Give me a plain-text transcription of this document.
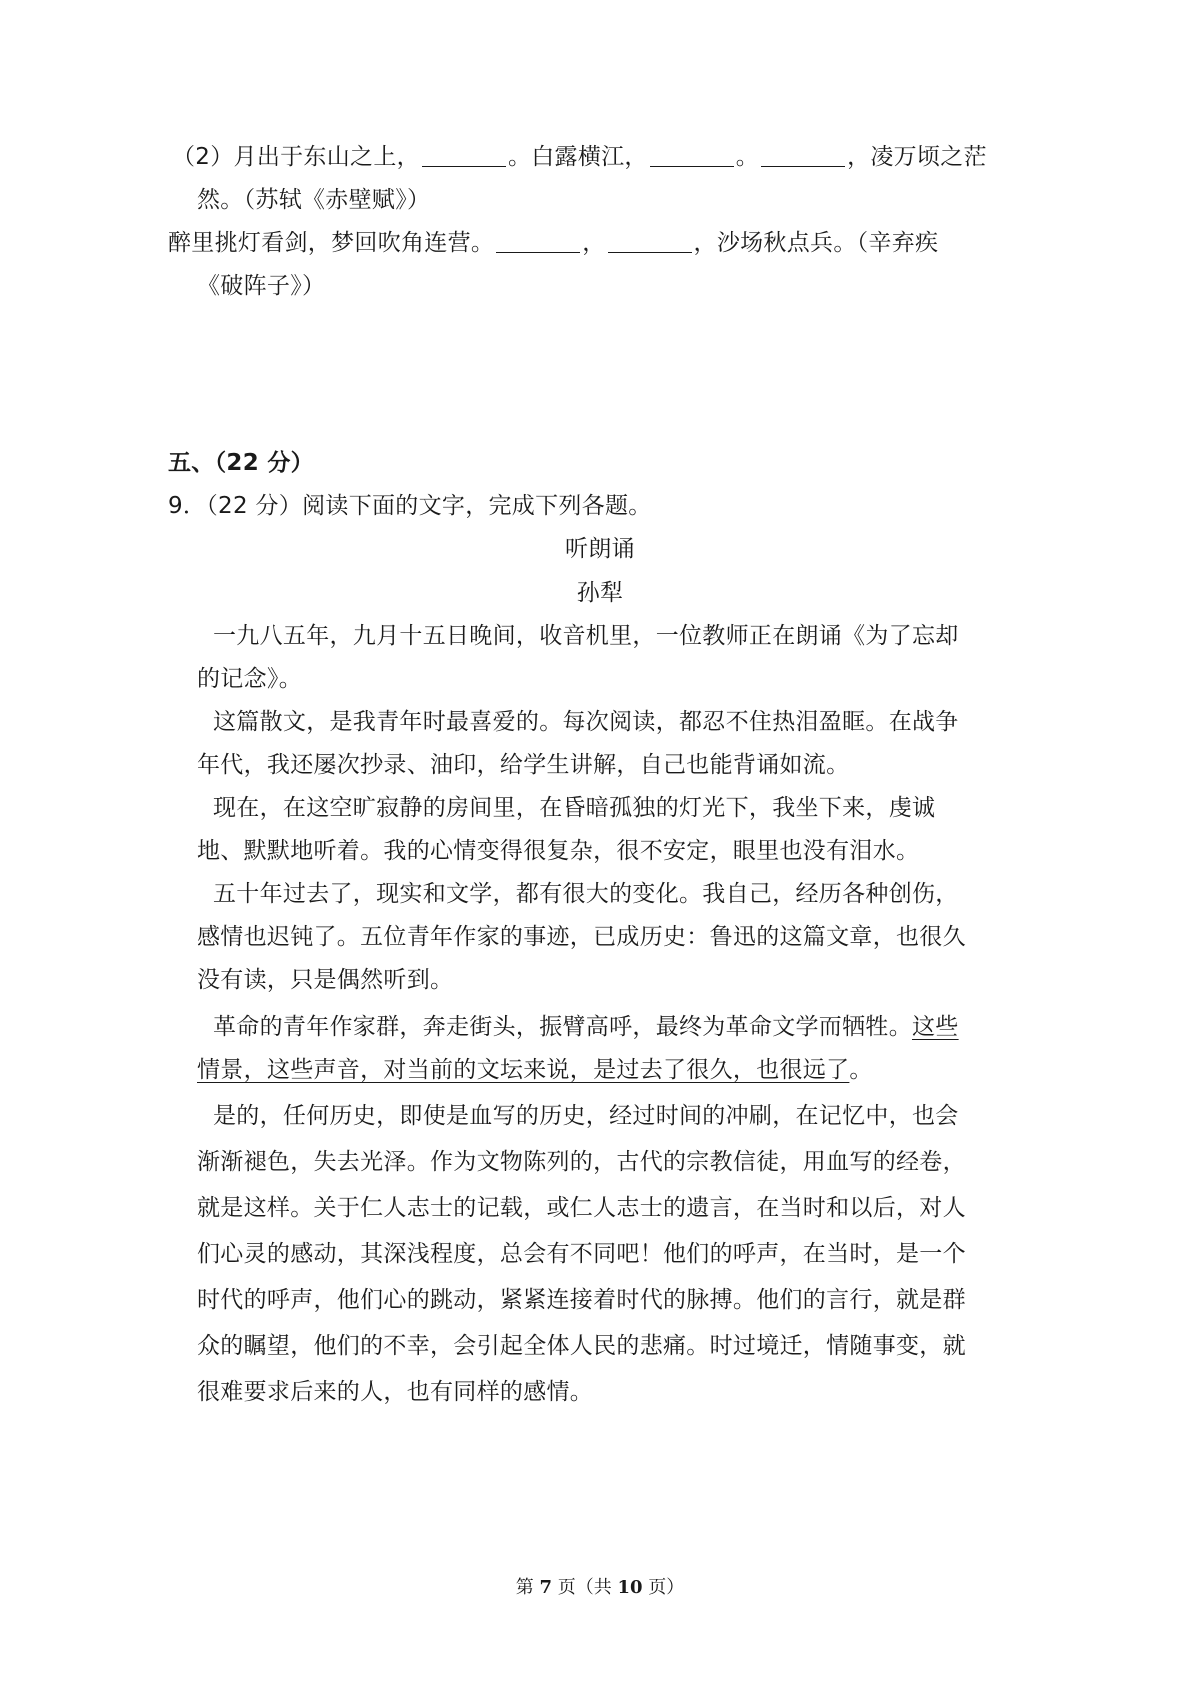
（2）月出于东山之上，	。白露横江，	。	，凌万顷之茫
然。（苏轼《赤壁赋》）
醉里挑灯看剑，梦回吹角连营。	，	，沙场秋点兵。（辛弃疾
《破阵子》）
五、（22 分）
9．（22 分）阅读下面的文字，完成下列各题。
听朗诵
孙犁
一九八五年，九月十五日晚间，收音机里，一位教师正在朗诵《为了忘却
的记念》。
这篇散文，是我青年时最喜爱的。每次阅读，都忍不住热泪盈眶。在战争
年代，我还屡次抄录、油印，给学生讲解，自己也能背诵如流。
现在，在这空旷寂静的房间里，在昏暗孤独的灯光下，我坐下来，虔诚
地、默默地听着。我的心情变得很复杂，很不安定，眼里也没有泪水。
五十年过去了，现实和文学，都有很大的变化。我自己，经历各种创伤，
感情也迟钝了。五位青年作家的事迹，已成历史：鲁迅的这篇文章，也很久
没有读，只是偶然听到。
革命的青年作家群，奔走街头，振臂高呼，最终为革命文学而牺牲。这些
情景，这些声音，对当前的文坛来说，是过去了很久，也很远了。
是的，任何历史，即使是血写的历史，经过时间的冲刷，在记忆中，也会
渐渐褪色，失去光泽。作为文物陈列的，古代的宗教信徒，用血写的经卷，
就是这样。关于仁人志士的记载，或仁人志士的遗言，在当时和以后，对人
们心灵的感动，其深浅程度，总会有不同吧！他们的呼声，在当时，是一个
时代的呼声，他们心的跳动，紧紧连接着时代的脉搏。他们的言行，就是群
众的瞩望，他们的不幸，会引起全体人民的悲痛。时过境迁，情随事变，就
很难要求后来的人，也有同样的感情。
第 7 页（共 10 页）
